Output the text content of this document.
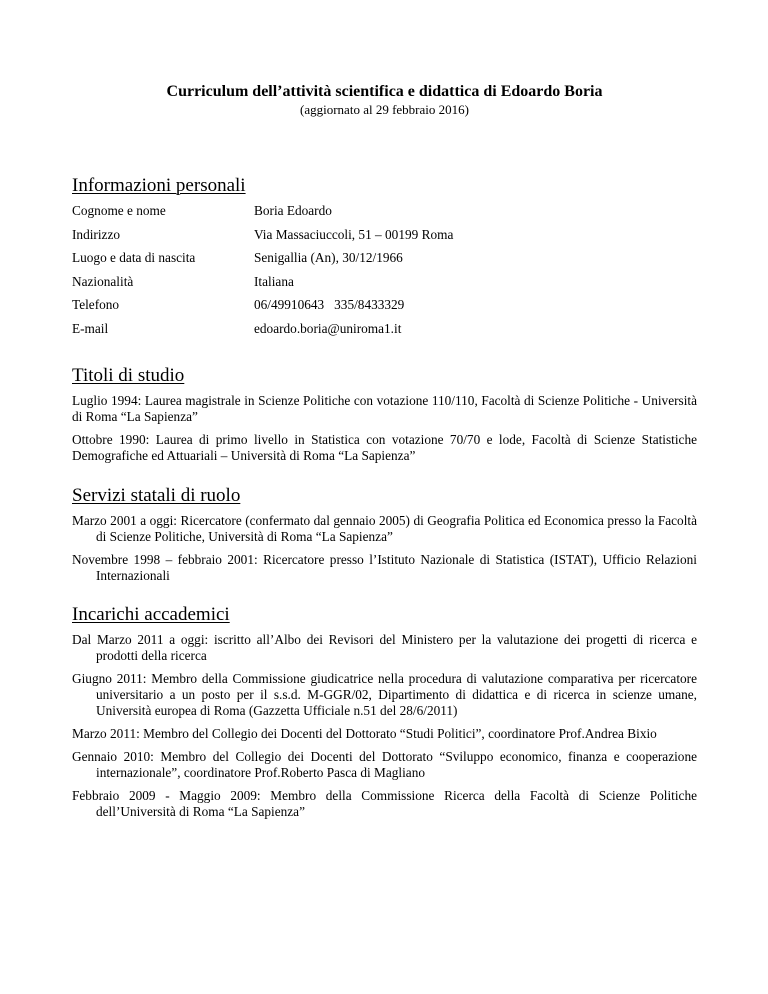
Curriculum dell’attività scientifica e didattica di Edoardo Boria

(aggiornato al 29 febbraio 2016)

Informazioni personali
Cognome e nome	Boria Edoardo
Indirizzo	Via Massaciuccoli, 51 – 00199 Roma
Luogo e data di nascita	Senigallia (An), 30/12/1966
Nazionalità	Italiana
Telefono	06/49910643   335/8433329
E-mail	edoardo.boria@uniroma1.it
Titoli di studio

Luglio 1994: Laurea magistrale in Scienze Politiche con votazione 110/110, Facoltà di Scienze Politiche - Università di Roma “La Sapienza”

Ottobre 1990: Laurea di primo livello in Statistica con votazione 70/70 e lode, Facoltà di Scienze Statistiche Demografiche ed Attuariali – Università di Roma “La Sapienza”

Servizi statali di ruolo

Marzo 2001 a oggi: Ricercatore (confermato dal gennaio 2005) di Geografia Politica ed Economica presso la Facoltà di Scienze Politiche, Università di Roma “La Sapienza”

Novembre 1998 – febbraio 2001: Ricercatore presso l’Istituto Nazionale di Statistica (ISTAT), Ufficio Relazioni Internazionali

Incarichi accademici

Dal Marzo 2011 a oggi: iscritto all’Albo dei Revisori del Ministero per la valutazione dei progetti di ricerca e prodotti della ricerca

Giugno 2011: Membro della Commissione giudicatrice nella procedura di valutazione comparativa per ricercatore universitario a un posto per il s.s.d. M-GGR/02, Dipartimento di didattica e di ricerca in scienze umane, Università europea di Roma (Gazzetta Ufficiale n.51 del 28/6/2011)

Marzo 2011: Membro del Collegio dei Docenti del Dottorato “Studi Politici”, coordinatore Prof.Andrea Bixio

Gennaio 2010: Membro del Collegio dei Docenti del Dottorato “Sviluppo economico, finanza e cooperazione internazionale”, coordinatore Prof.Roberto Pasca di Magliano

Febbraio 2009 - Maggio 2009: Membro della Commissione Ricerca della Facoltà di Scienze Politiche dell’Università di Roma “La Sapienza”
